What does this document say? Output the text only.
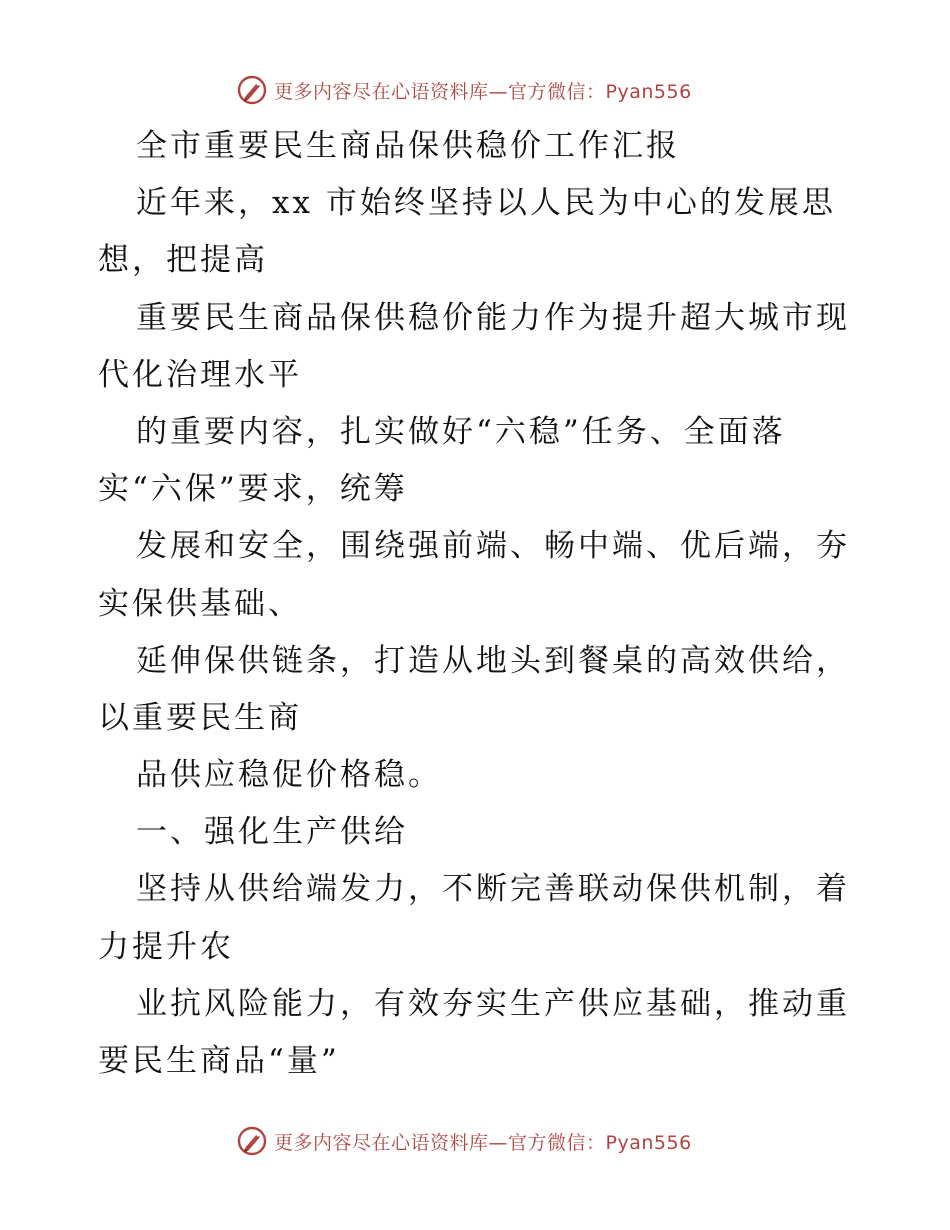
更多内容尽在心语资料库—官方微信：Pyan556
全市重要民生商品保供稳价工作汇报
近年来，xx 市始终坚持以人民为中心的发展思
想，把提高
重要民生商品保供稳价能力作为提升超大城市现
代化治理水平
的重要内容，扎实做好“六稳”任务、全面落
实“六保”要求，统筹
发展和安全，围绕强前端、畅中端、优后端，夯
实保供基础、
延伸保供链条，打造从地头到餐桌的高效供给，
以重要民生商
品供应稳促价格稳。
一、强化生产供给
坚持从供给端发力，不断完善联动保供机制，着
力提升农
业抗风险能力，有效夯实生产供应基础，推动重
要民生商品“量”
更多内容尽在心语资料库—官方微信：Pyan556
